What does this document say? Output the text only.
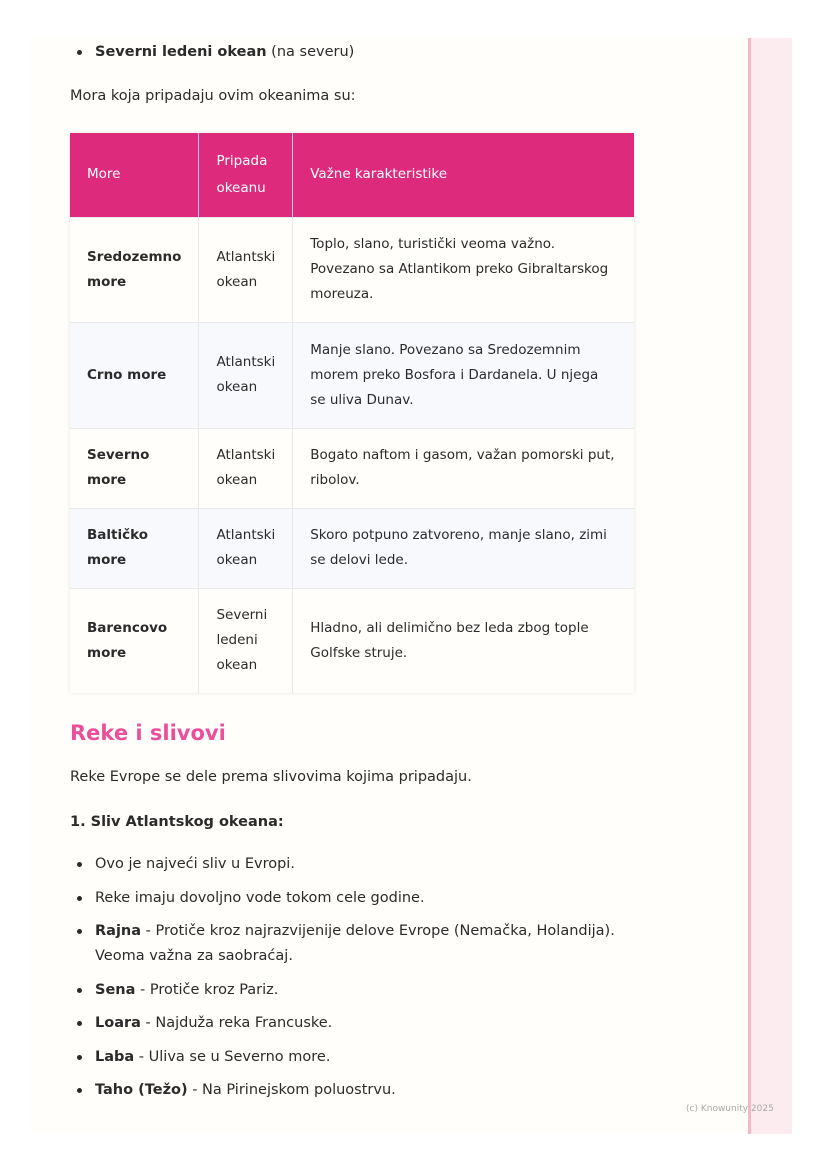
Severni ledeni okean (na severu)
Mora koja pripadaju ovim okeanima su:
More	Pripada okeanu	Važne karakteristike
Sredozemno more	Atlantski okean	Toplo, slano, turistički veoma važno. Povezano sa Atlantikom preko Gibraltarskog moreuza.
Crno more	Atlantski okean	Manje slano. Povezano sa Sredozemnim morem preko Bosfora i Dardanela. U njega se uliva Dunav.
Severno more	Atlantski okean	Bogato naftom i gasom, važan pomorski put, ribolov.
Baltičko more	Atlantski okean	Skoro potpuno zatvoreno, manje slano, zimi se delovi lede.
Barencovo more	Severni ledeni okean	Hladno, ali delimično bez leda zbog tople Golfske struje.
Reke i slivovi
Reke Evrope se dele prema slivovima kojima pripadaju.
1. Sliv Atlantskog okeana:
Ovo je najveći sliv u Evropi.
Reke imaju dovoljno vode tokom cele godine.
Rajna - Protiče kroz najrazvijenije delove Evrope (Nemačka, Holandija). Veoma važna za saobraćaj.
Sena - Protiče kroz Pariz.
Loara - Najduža reka Francuske.
Laba - Uliva se u Severno more.
Taho (Težo) - Na Pirinejskom poluostrvu.
(c) Knowunity 2025
